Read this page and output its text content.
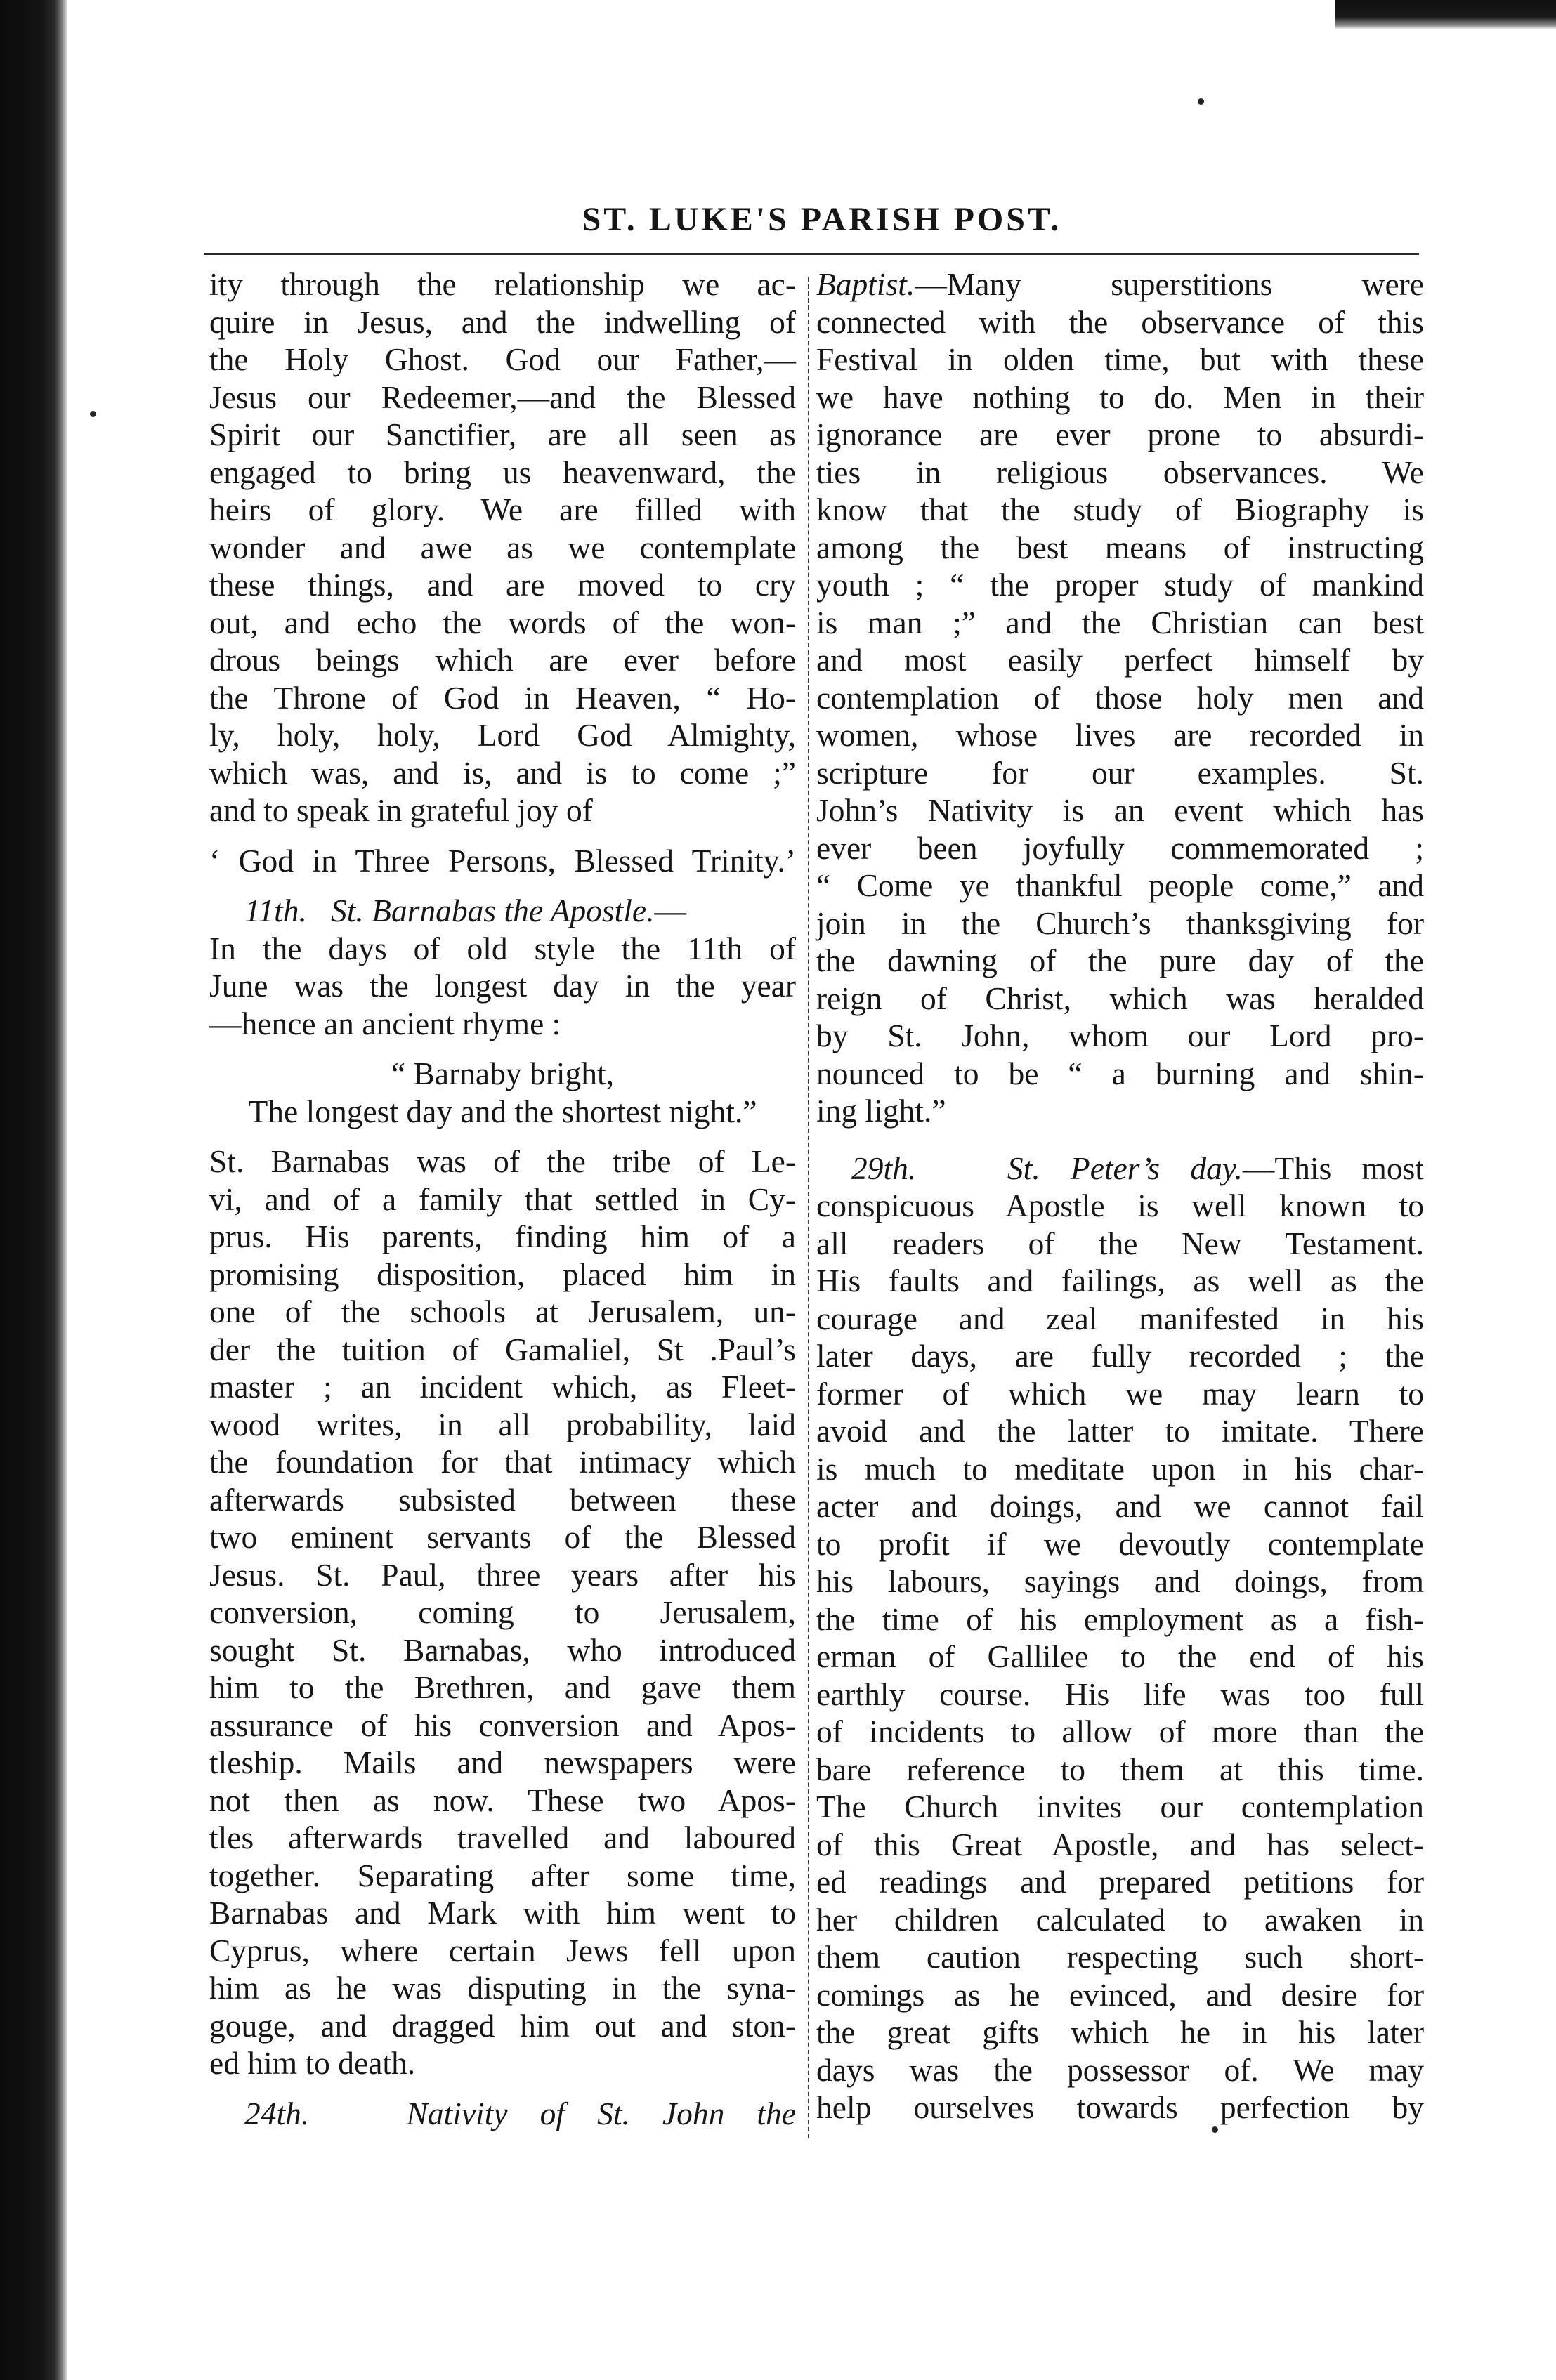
ST. LUKE'S PARISH POST.
ity through the relationship we ac-
quire in Jesus, and the indwelling of
the Holy Ghost. God our Father,—
Jesus our Redeemer,—and the Blessed
Spirit our Sanctifier, are all seen as
engaged to bring us heavenward, the
heirs of glory. We are filled with
wonder and awe as we contemplate
these things, and are moved to cry
out, and echo the words of the won-
drous beings which are ever before
the Throne of God in Heaven, “ Ho-
ly, holy, holy, Lord God Almighty,
which was, and is, and is to come ;”
and to speak in grateful joy of
‘ God in Three Persons, Blessed Trinity.’
11th. St. Barnabas the Apostle.—
In the days of old style the 11th of
June was the longest day in the year
—hence an ancient rhyme :
“ Barnaby bright,
The longest day and the shortest night.”
St. Barnabas was of the tribe of Le-
vi, and of a family that settled in Cy-
prus. His parents, finding him of a
promising disposition, placed him in
one of the schools at Jerusalem, un-
der the tuition of Gamaliel, St .Paul’s
master ; an incident which, as Fleet-
wood writes, in all probability, laid
the foundation for that intimacy which
afterwards subsisted between these
two eminent servants of the Blessed
Jesus. St. Paul, three years after his
conversion, coming to Jerusalem,
sought St. Barnabas, who introduced
him to the Brethren, and gave them
assurance of his conversion and Apos-
tleship. Mails and newspapers were
not then as now. These two Apos-
tles afterwards travelled and laboured
together. Separating after some time,
Barnabas and Mark with him went to
Cyprus, where certain Jews fell upon
him as he was disputing in the syna-
gouge, and dragged him out and ston-
ed him to death.
24th.	Nativity of St. John the
Baptist.—Many superstitions were
connected with the observance of this
Festival in olden time, but with these
we have nothing to do. Men in their
ignorance are ever prone to absurdi-
ties in religious observances. We
know that the study of Biography is
among the best means of instructing
youth ; “ the proper study of mankind
is man ;” and the Christian can best
and most easily perfect himself by
contemplation of those holy men and
women, whose lives are recorded in
scripture for our examples. St.
John’s Nativity is an event which has
ever been joyfully commemorated ;
“ Come ye thankful people come,” and
join in the Church’s thanksgiving for
the dawning of the pure day of the
reign of Christ, which was heralded
by St. John, whom our Lord pro-
nounced to be “ a burning and shin-
ing light.”
29th.	St. Peter’s day.—This most
conspicuous Apostle is well known to
all readers of the New Testament.
His faults and failings, as well as the
courage and zeal manifested in his
later days, are fully recorded ; the
former of which we may learn to
avoid and the latter to imitate. There
is much to meditate upon in his char-
acter and doings, and we cannot fail
to profit if we devoutly contemplate
his labours, sayings and doings, from
the time of his employment as a fish-
erman of Gallilee to the end of his
earthly course. His life was too full
of incidents to allow of more than the
bare reference to them at this time.
The Church invites our contemplation
of this Great Apostle, and has select-
ed readings and prepared petitions for
her children calculated to awaken in
them caution respecting such short-
comings as he evinced, and desire for
the great gifts which he in his later
days was the possessor of. We may
help ourselves towards perfection by
